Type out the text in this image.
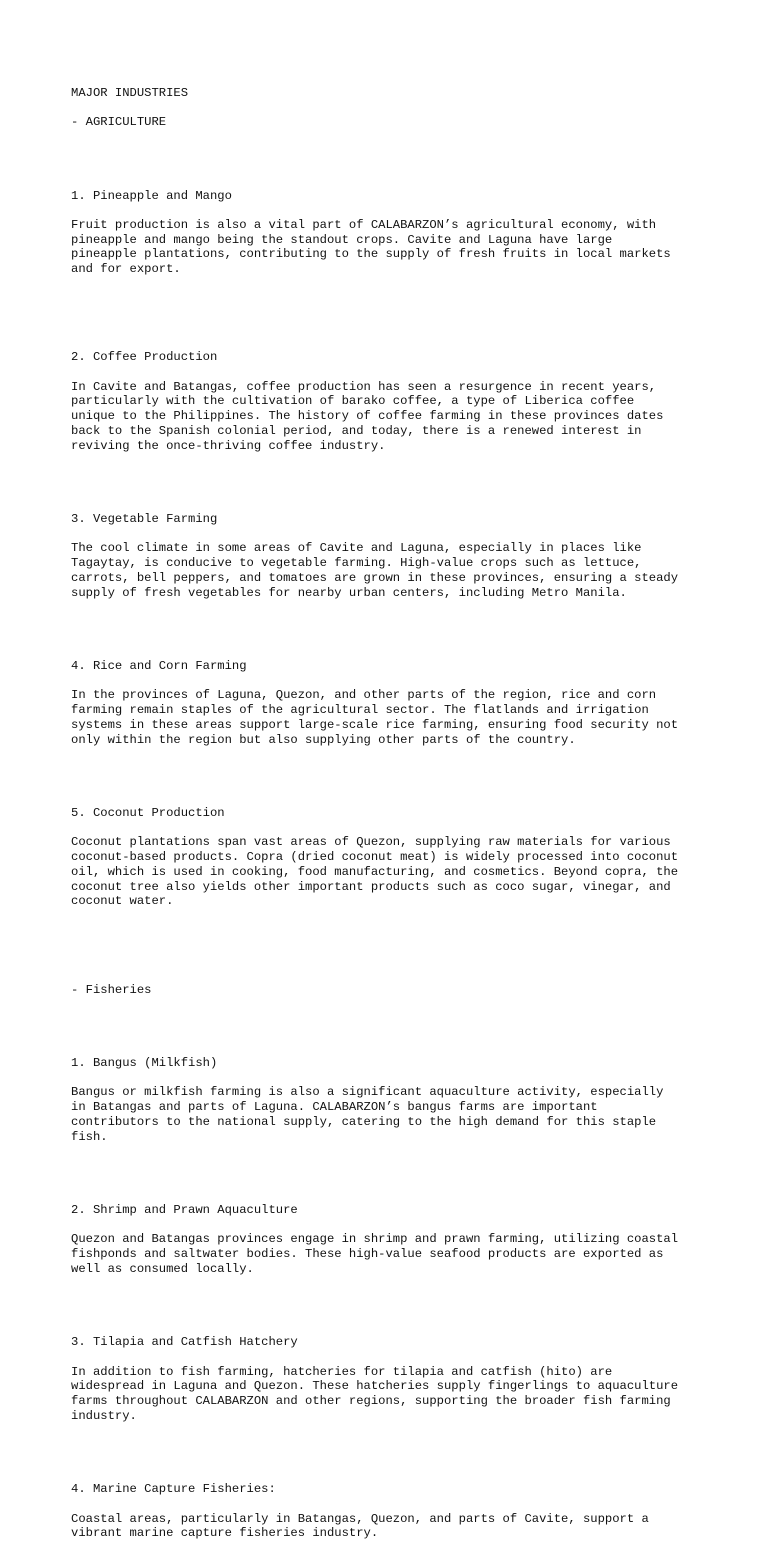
MAJOR INDUSTRIES

- AGRICULTURE

1. Pineapple and Mango

Fruit production is also a vital part of CALABARZON’s agricultural economy, with
pineapple and mango being the standout crops. Cavite and Laguna have large
pineapple plantations, contributing to the supply of fresh fruits in local markets
and for export.

2. Coffee Production

In Cavite and Batangas, coffee production has seen a resurgence in recent years,
particularly with the cultivation of barako coffee, a type of Liberica coffee
unique to the Philippines. The history of coffee farming in these provinces dates
back to the Spanish colonial period, and today, there is a renewed interest in
reviving the once-thriving coffee industry.

3. Vegetable Farming

The cool climate in some areas of Cavite and Laguna, especially in places like
Tagaytay, is conducive to vegetable farming. High-value crops such as lettuce,
carrots, bell peppers, and tomatoes are grown in these provinces, ensuring a steady
supply of fresh vegetables for nearby urban centers, including Metro Manila.

4. Rice and Corn Farming

In the provinces of Laguna, Quezon, and other parts of the region, rice and corn
farming remain staples of the agricultural sector. The flatlands and irrigation
systems in these areas support large-scale rice farming, ensuring food security not
only within the region but also supplying other parts of the country.

5. Coconut Production

Coconut plantations span vast areas of Quezon, supplying raw materials for various
coconut-based products. Copra (dried coconut meat) is widely processed into coconut
oil, which is used in cooking, food manufacturing, and cosmetics. Beyond copra, the
coconut tree also yields other important products such as coco sugar, vinegar, and
coconut water.

- Fisheries

1. Bangus (Milkfish)

Bangus or milkfish farming is also a significant aquaculture activity, especially
in Batangas and parts of Laguna. CALABARZON’s bangus farms are important
contributors to the national supply, catering to the high demand for this staple
fish.

2. Shrimp and Prawn Aquaculture

Quezon and Batangas provinces engage in shrimp and prawn farming, utilizing coastal
fishponds and saltwater bodies. These high-value seafood products are exported as
well as consumed locally.

3. Tilapia and Catfish Hatchery

In addition to fish farming, hatcheries for tilapia and catfish (hito) are
widespread in Laguna and Quezon. These hatcheries supply fingerlings to aquaculture
farms throughout CALABARZON and other regions, supporting the broader fish farming
industry.

4. Marine Capture Fisheries:

Coastal areas, particularly in Batangas, Quezon, and parts of Cavite, support a
vibrant marine capture fisheries industry.
